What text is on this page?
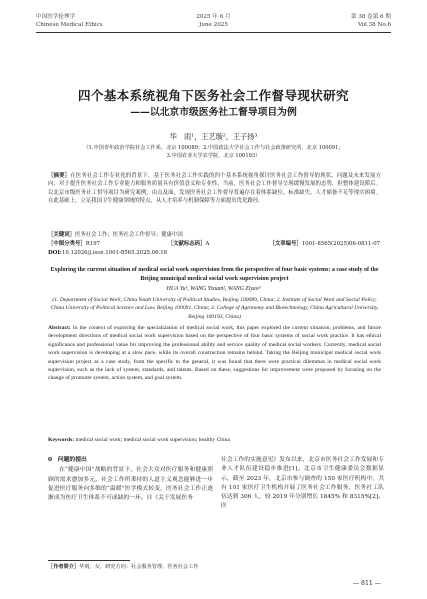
中国医学伦理学
Chinese Medical Ethics
2025 年 6 月
June 2025
第 38 卷第 6 期
Vol.38 No.6
四个基本系统视角下医务社会工作督导现状研究
——以北京市级医务社工督导项目为例
华　雨¹，王艺璇²，王子扬³
（1.中国青年政治学院社会工作系，北京 100089；2.中国政法大学社会工作与社会政策研究所，北京 100091；
3.中国农业大学农学院，北京 100193）
［摘要］在医务社会工作专业化的背景下，基于医务社会工作实践的四个基本系统视角探讨医务社会工作督导的现状、问题及未来发展方向，对于提升医务社会工作专业能力和服务质量具有价值意义和专业性。当前，医务社会工作督导呈现缓慢发展的态势，但整体建设滞后。以北京市级医务社工督导项目为研究案例，由点及面，发现医务社会工作督导普遍存在着体系缺位、标准缺失、人才储备不足等现实困境。在此基础上，立足我国卫生健康领域的特点，从人才培养与机制保障等方面提出优化路径。
［关键词］医务社会工作；医务社会工作督导；健康中国
［中图分类号］R197	［文献标志码］A	［文章编号］1001-8565(2025)06-0811-07
DOI:10.12026/j.issn.1001-8565.2025.06.18
Exploring the current situation of medical social work supervision from the perspective of four basic systems: a case study of the Beijing municipal medical social work supervision project
HUA Yu¹, WANG Yixuan², WANG Ziyao³
(1. Department of Social Work, China Youth University of Political Studies, Beijing 100089, China; 2. Institute of Social Work and Social Policy, China University of Political Science and Law, Beijing 100091, China; 3. College of Agronomy and Biotechnology, China Agricultural University, Beijing 100193, China)
Abstract: In the context of exploring the specialization of medical social work, this paper explored the current situation, problems, and future development directions of medical social work supervision based on the perspective of four basic systems of social work practice. It has ethical significance and professional value for improving the professional ability and service quality of medical social workers. Currently, medical social work supervision is developing at a slow pace, while its overall construction remains behind. Taking the Beijing municipal medical social work supervision project as a case study, from the specific to the general, it was found that there were practical dilemmas in medical social work supervision, such as the lack of system, standards, and talents. Based on these, suggestions for improvement were proposed by focusing on the change of promoter system, action system, and goal system.
Keywords: medical social work; medical social work supervision; healthy China
0　问题的提出
在“健康中国”战略的背景下，社会大众对医疗服务和健康照顾的需求愈加多元，社会工作所秉持的人道主义观念能够进一步促进医疗服务向多维的“温暖”医学模式转变，医务社会工作正逐渐成为医疗卫生体系不可或缺的一环。自《关于发展医务
社会工作的实施意见》发布以来，北京市医务社会工作发展和专业人才队伍建设稳步推进[1]。北京市卫生健康委员会数据显示，截至 2023 年，北京市参与调查的 150 家医疗机构中，共有 101 家医疗卫生机构开展了医务社会工作服务，医务社工队伍达到 306 人，较 2019 年分别增长 1845% 和 8315%[2]。医
［作者简介］华雨，女，研究方向：社会服务管理、医务社会工作
— 811 —
